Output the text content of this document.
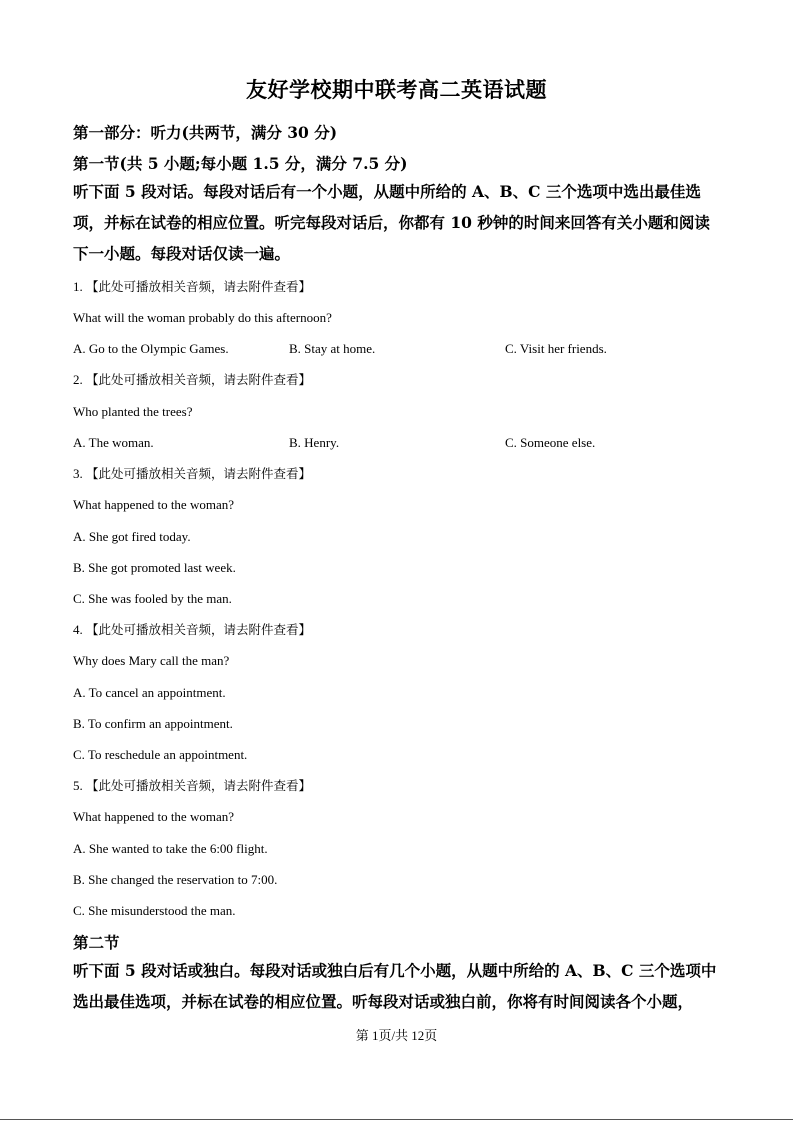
友好学校期中联考高二英语试题
第一部分：听力(共两节，满分 30 分)
第一节(共 5 小题;每小题 1.5 分，满分 7.5 分)

听下面 5 段对话。每段对话后有一个小题，从题中所给的 A、B、C 三个选项中选出最佳选项，并标在试卷的相应位置。听完每段对话后，你都有 10 秒钟的时间来回答有关小题和阅读下一小题。每段对话仅读一遍。

1. 【此处可播放相关音频，请去附件查看】
What will the woman probably do this afternoon?
A. Go to the Olympic Games.	B. Stay at home.	C. Visit her friends.
2. 【此处可播放相关音频，请去附件查看】
Who planted the trees?
A. The woman.	B. Henry.	C. Someone else.
3. 【此处可播放相关音频，请去附件查看】
What happened to the woman?
A. She got fired today.
B. She got promoted last week.
C. She was fooled by the man.
4. 【此处可播放相关音频，请去附件查看】
Why does Mary call the man?
A. To cancel an appointment.
B. To confirm an appointment.
C. To reschedule an appointment.
5. 【此处可播放相关音频，请去附件查看】
What happened to the woman?
A. She wanted to take the 6:00 flight.
B. She changed the reservation to 7:00.
C. She misunderstood the man.
第二节

听下面 5 段对话或独白。每段对话或独白后有几个小题，从题中所给的 A、B、C 三个选项中选出最佳选项，并标在试卷的相应位置。听每段对话或独白前，你将有时间阅读各个小题，

第 1页/共 12页
